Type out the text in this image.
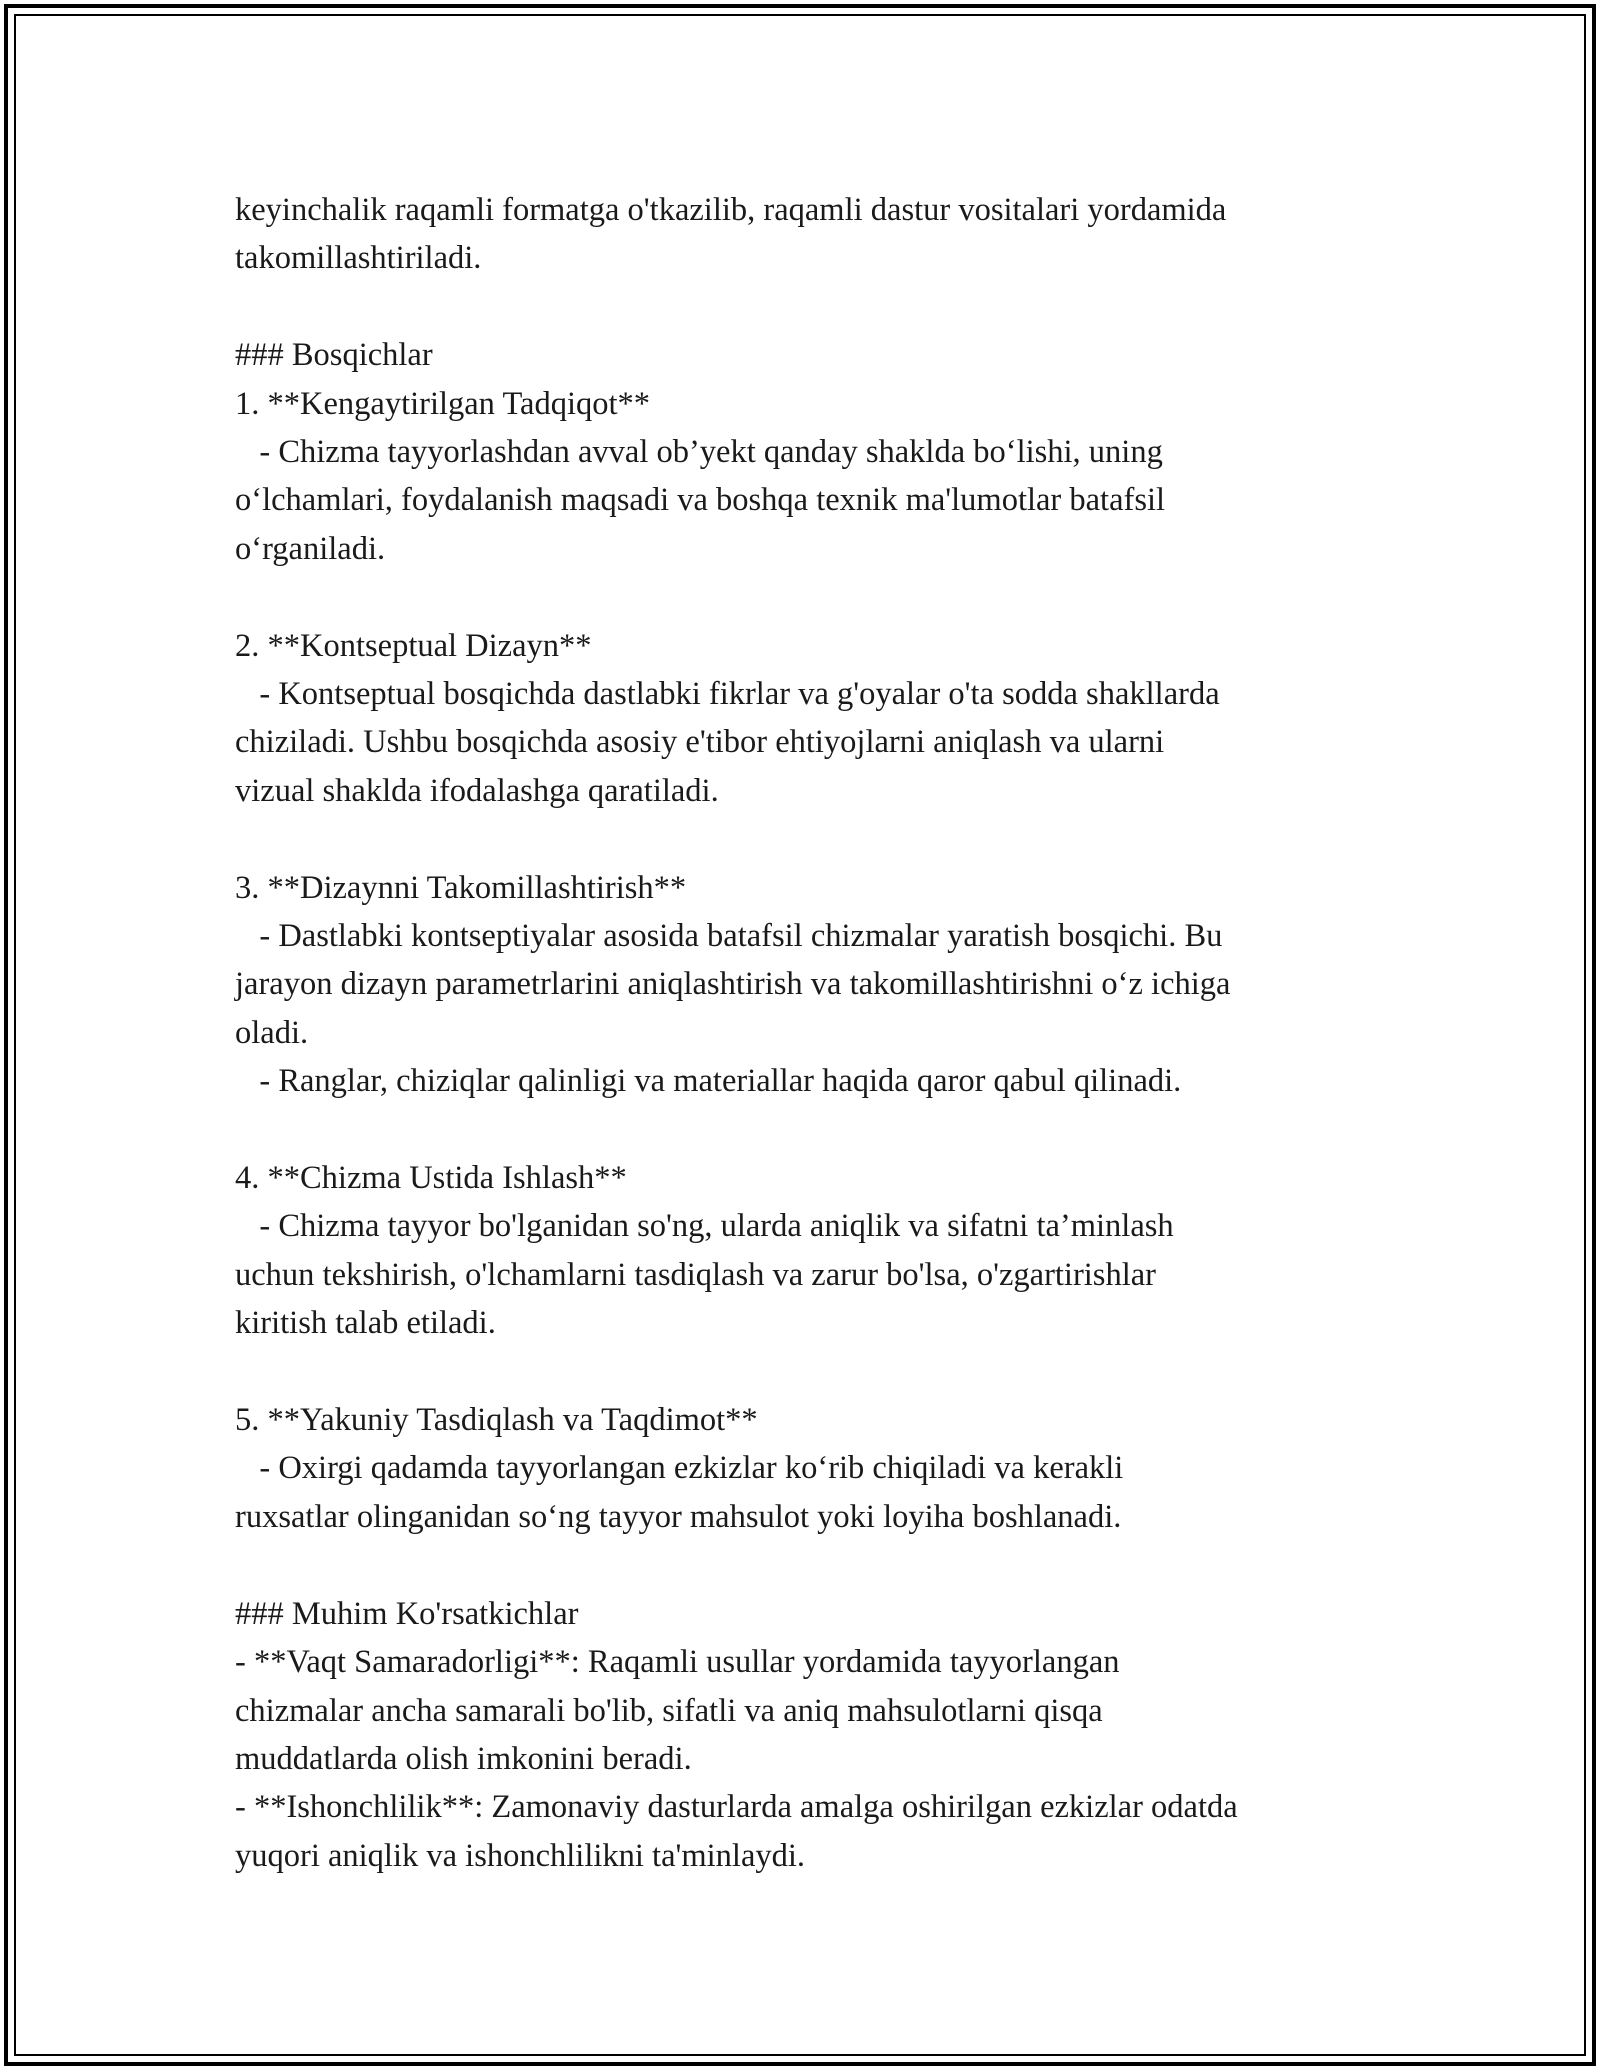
keyinchalik raqamli formatga o'tkazilib, raqamli dastur vositalari yordamida

takomillashtiriladi.

### Bosqichlar

1. **Kengaytirilgan Tadqiqot**

- Chizma tayyorlashdan avval ob’yekt qanday shaklda bo‘lishi, uning

o‘lchamlari, foydalanish maqsadi va boshqa texnik ma'lumotlar batafsil

o‘rganiladi.

2. **Kontseptual Dizayn**

- Kontseptual bosqichda dastlabki fikrlar va g'oyalar o'ta sodda shakllarda

chiziladi. Ushbu bosqichda asosiy e'tibor ehtiyojlarni aniqlash va ularni

vizual shaklda ifodalashga qaratiladi.

3. **Dizaynni Takomillashtirish**

- Dastlabki kontseptiyalar asosida batafsil chizmalar yaratish bosqichi. Bu

jarayon dizayn parametrlarini aniqlashtirish va takomillashtirishni o‘z ichiga

oladi.

- Ranglar, chiziqlar qalinligi va materiallar haqida qaror qabul qilinadi.

4. **Chizma Ustida Ishlash**

- Chizma tayyor bo'lganidan so'ng, ularda aniqlik va sifatni ta’minlash

uchun tekshirish, o'lchamlarni tasdiqlash va zarur bo'lsa, o'zgartirishlar

kiritish talab etiladi.

5. **Yakuniy Tasdiqlash va Taqdimot**

- Oxirgi qadamda tayyorlangan ezkizlar ko‘rib chiqiladi va kerakli

ruxsatlar olinganidan so‘ng tayyor mahsulot yoki loyiha boshlanadi.

### Muhim Ko'rsatkichlar

- **Vaqt Samaradorligi**: Raqamli usullar yordamida tayyorlangan

chizmalar ancha samarali bo'lib, sifatli va aniq mahsulotlarni qisqa

muddatlarda olish imkonini beradi.

- **Ishonchlilik**: Zamonaviy dasturlarda amalga oshirilgan ezkizlar odatda

yuqori aniqlik va ishonchlilikni ta'minlaydi.
